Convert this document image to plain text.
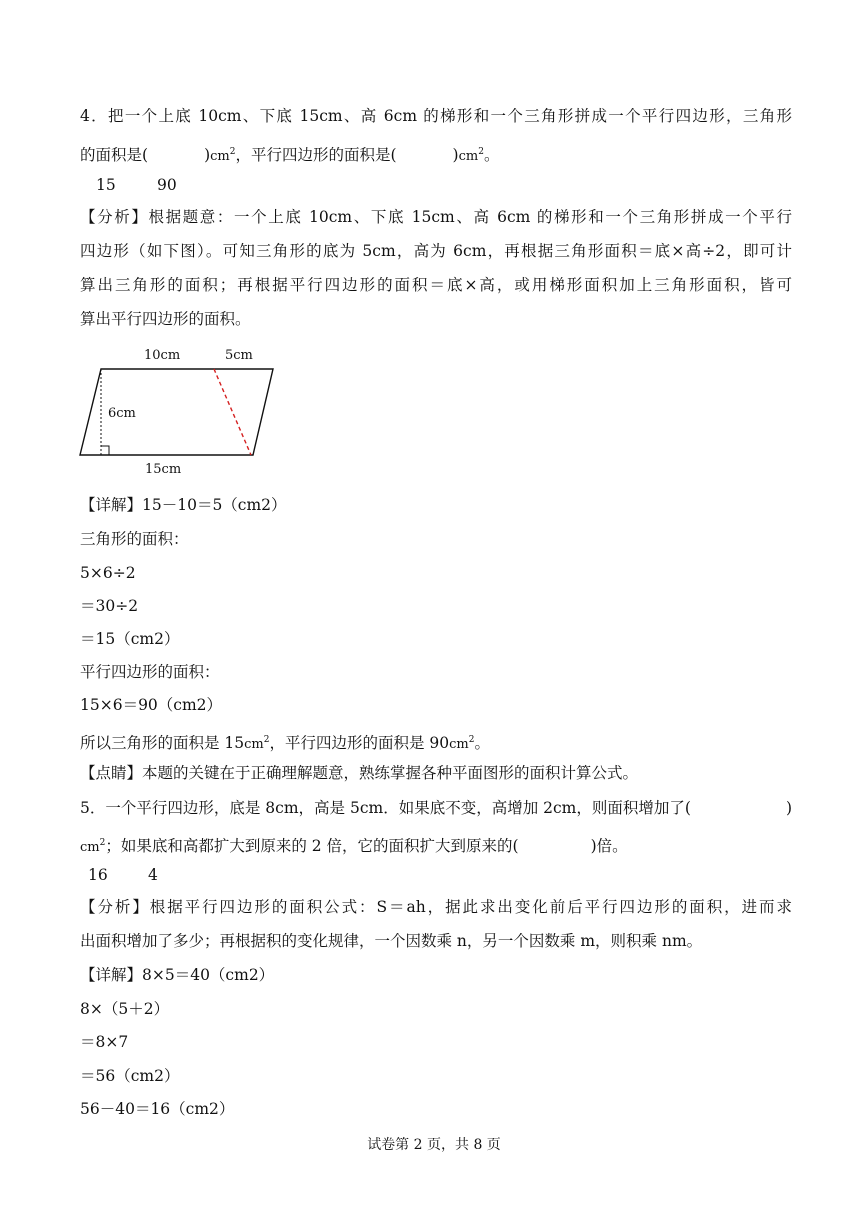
4．把一个上底 10cm、下底 15cm、高 6cm 的梯形和一个三角形拼成一个平行四边形，三角形
的面积是(	)$cm^2$，平行四边形的面积是(	)$cm^2$。
15	90
【分析】根据题意：一个上底 10cm、下底 15cm、高 6cm 的梯形和一个三角形拼成一个平行
四边形（如下图）。可知三角形的底为 5cm，高为 6cm，再根据三角形面积＝底×高÷2，即可计
算出三角形的面积；再根据平行四边形的面积＝底×高，或用梯形面积加上三角形面积，皆可
算出平行四边形的面积。
10cm	5cm
6cm
15cm
【详解】15－10＝5（cm2）
三角形的面积：
5×6÷2
＝30÷2
＝15（cm2）
平行四边形的面积：
15×6＝90（cm2）
所以三角形的面积是 $15cm^2$，平行四边形的面积是 $90cm^2$。
【点睛】本题的关键在于正确理解题意，熟练掌握各种平面图形的面积计算公式。
5．一个平行四边形，底是 8cm，高是 5cm．如果底不变，高增加 2cm，则面积增加了(	)
$cm^2$；如果底和高都扩大到原来的 2 倍，它的面积扩大到原来的(	)倍。
16	4
【分析】根据平行四边形的面积公式：S＝ah，据此求出变化前后平行四边形的面积，进而求
出面积增加了多少；再根据积的变化规律，一个因数乘 n，另一个因数乘 m，则积乘 nm。
【详解】8×5＝40（cm2）
8×（5＋2）
＝8×7
＝56（cm2）
56－40＝16（cm2）
试卷第 2 页，共 8 页
